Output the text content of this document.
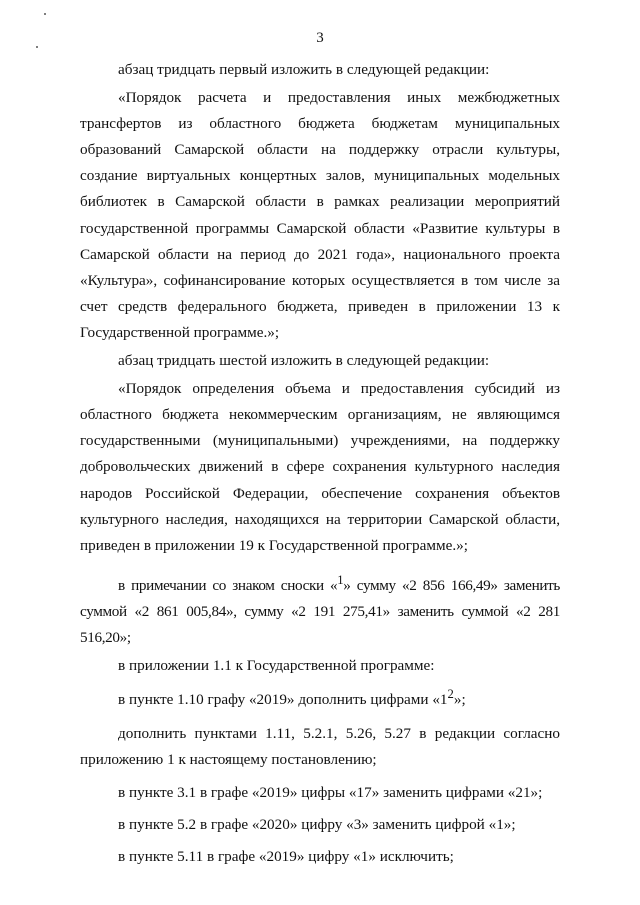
3

абзац тридцать первый изложить в следующей редакции:

«Порядок расчета и предоставления иных межбюджетных трансфертов из областного бюджета бюджетам муниципальных образований Самарской области на поддержку отрасли культуры, создание виртуальных концертных залов, муниципальных модельных библиотек в Самарской области в рамках реализации мероприятий государственной программы Самарской области «Развитие культуры в Самарской области на период до 2021 года», национального проекта «Культура», софинансирование которых осуществляется в том числе за счет средств федерального бюджета, приведен в приложении 13 к Государственной программе.»;

абзац тридцать шестой изложить в следующей редакции:

«Порядок определения объема и предоставления субсидий из областного бюджета некоммерческим организациям, не являющимся государственными (муниципальными) учреждениями, на поддержку добровольческих движений в сфере сохранения культурного наследия народов Российской Федерации, обеспечение сохранения объектов культурного наследия, находящихся на территории Самарской области, приведен в приложении 19 к Государственной программе.»;

в примечании со знаком сноски «$^1$» сумму «2 856 166,49» заменить суммой «2 861 005,84», сумму «2 191 275,41» заменить суммой «2 281 516,20»;

в приложении 1.1 к Государственной программе:

в пункте 1.10 графу «2019» дополнить цифрами «$1^2$»;

дополнить пунктами 1.11, 5.2.1, 5.26, 5.27 в редакции согласно приложению 1 к настоящему постановлению;

в пункте 3.1 в графе «2019» цифры «17» заменить цифрами «21»;

в пункте 5.2 в графе «2020» цифру «3» заменить цифрой «1»;

в пункте 5.11 в графе «2019» цифру «1» исключить;
